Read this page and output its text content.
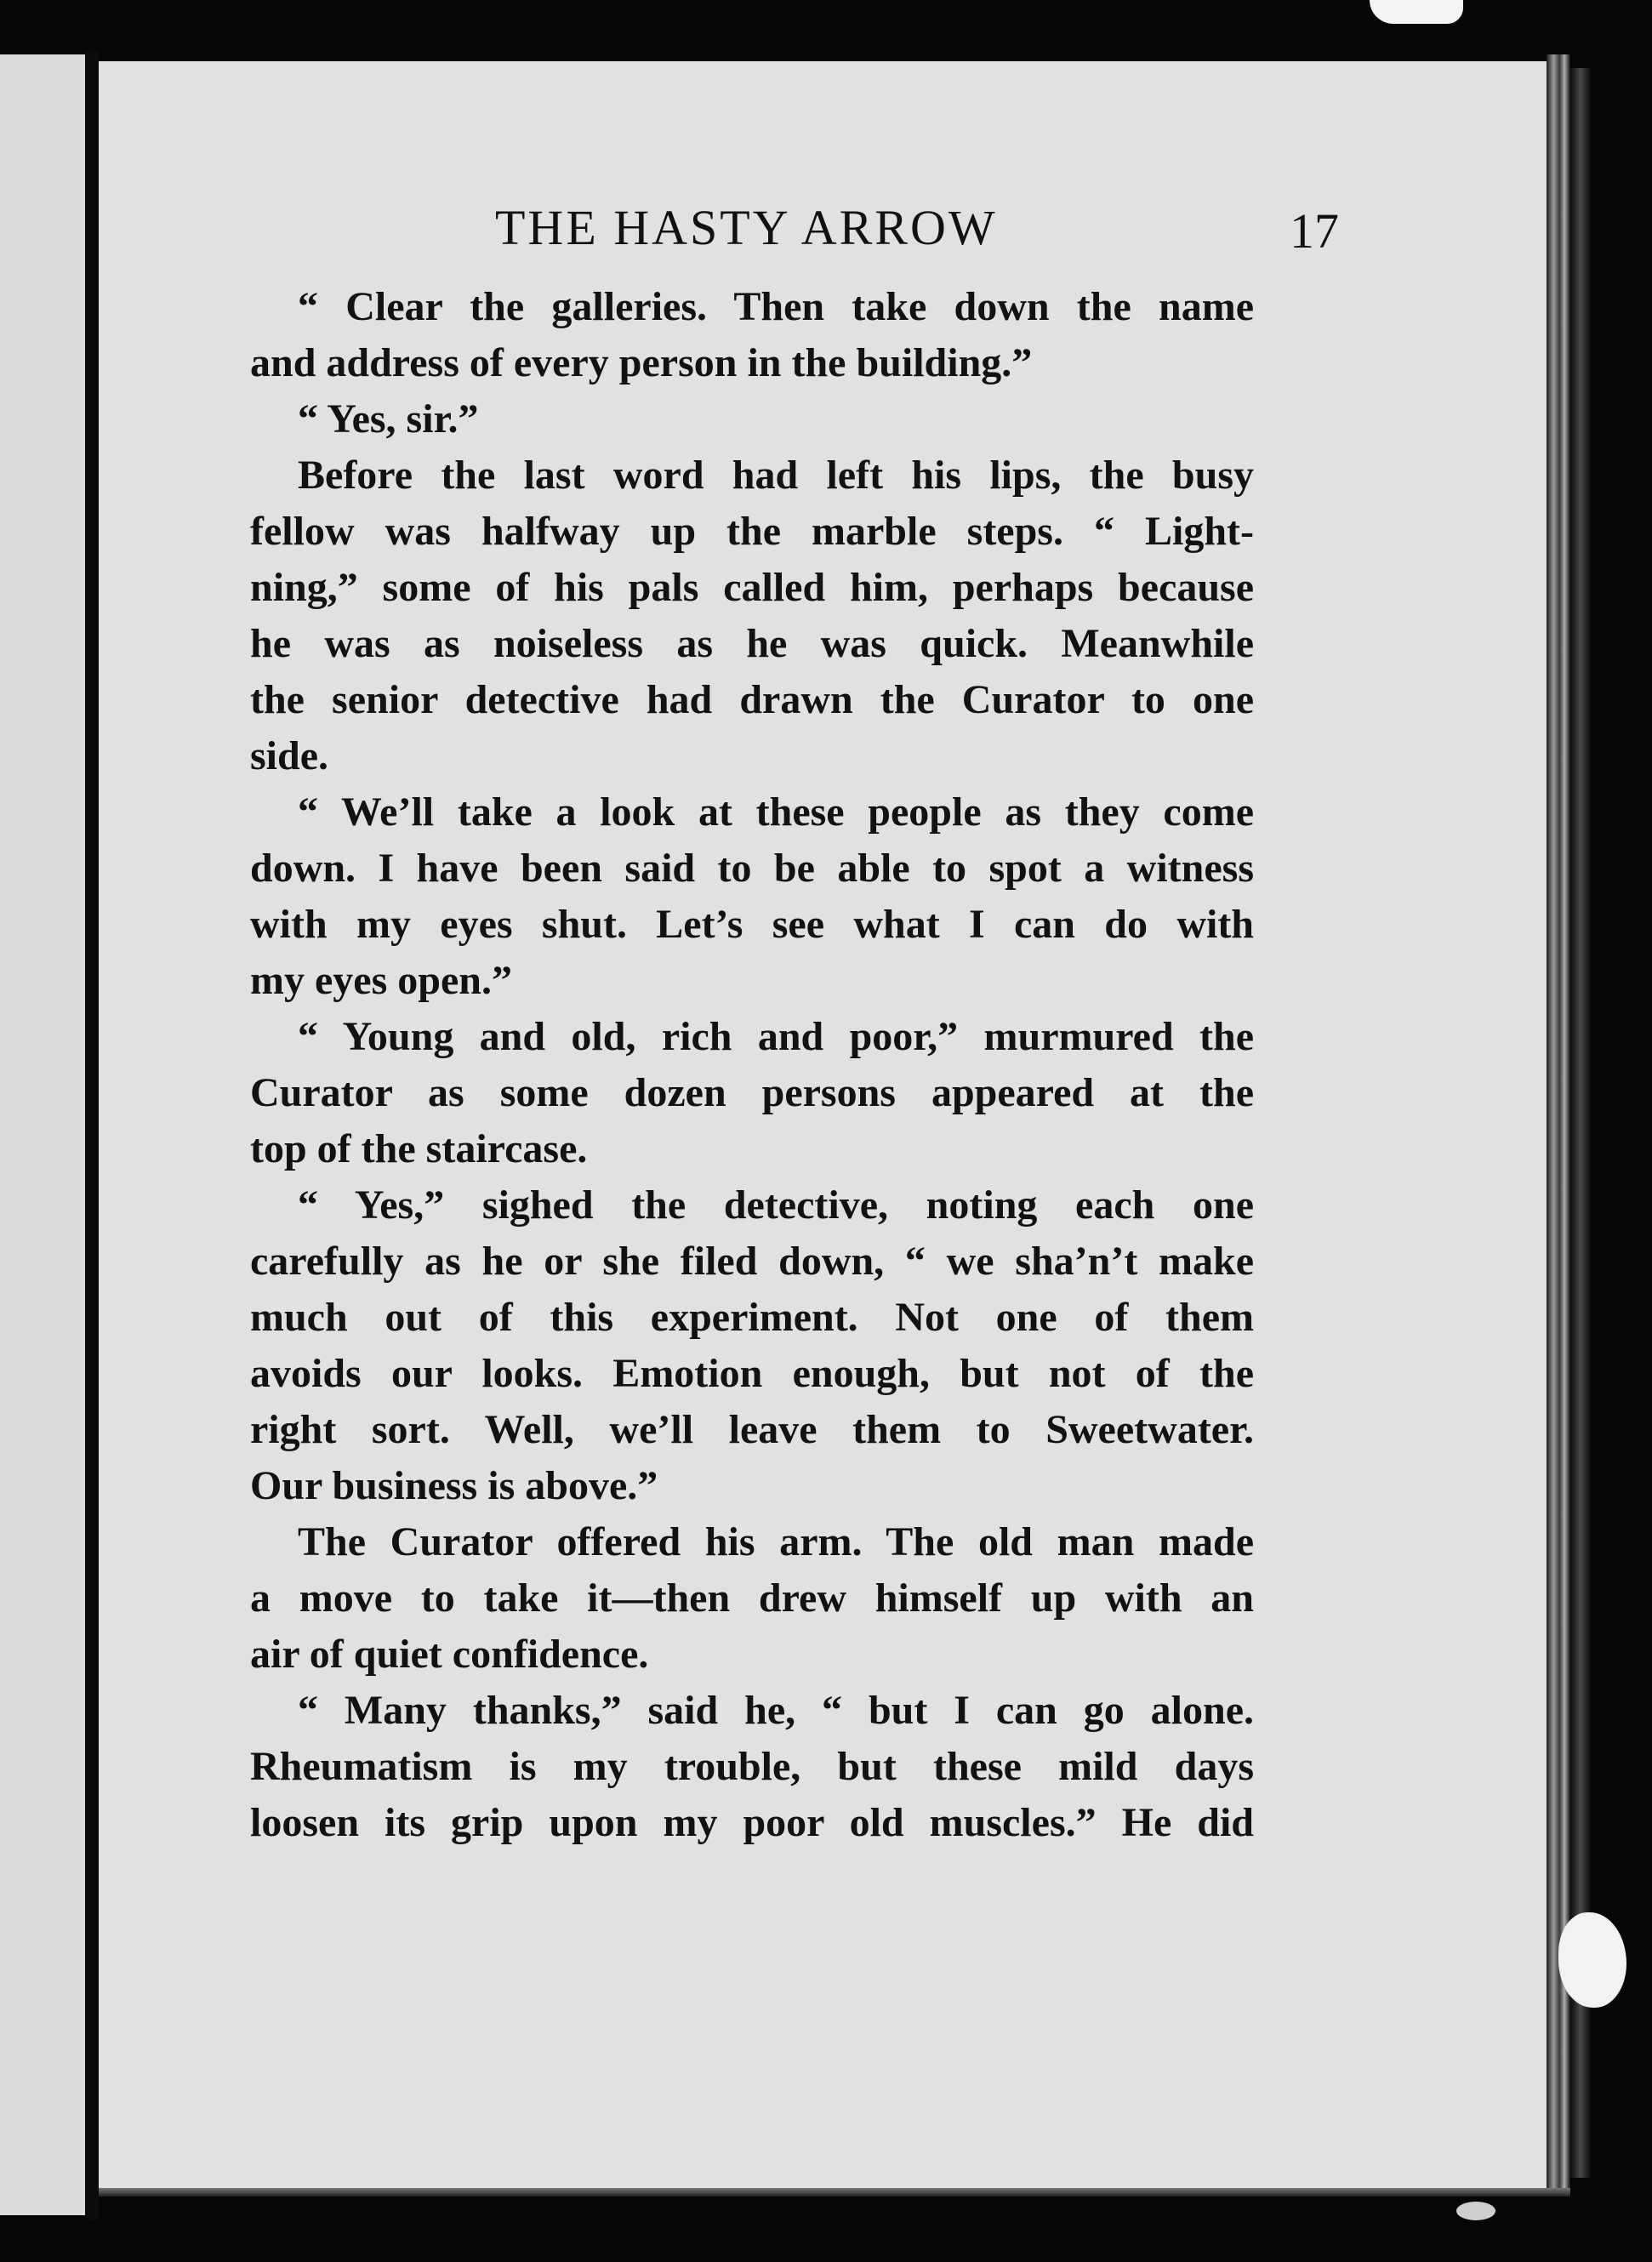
THE HASTY ARROW	17
“ Clear the galleries. Then take down the name
and address of every person in the building.”
“ Yes, sir.”
Before the last word had left his lips, the busy
fellow was halfway up the marble steps. “ Light-
ning,” some of his pals called him, perhaps because
he was as noiseless as he was quick. Meanwhile
the senior detective had drawn the Curator to one
side.
“ We’ll take a look at these people as they come
down. I have been said to be able to spot a witness
with my eyes shut. Let’s see what I can do with
my eyes open.”
“ Young and old, rich and poor,” murmured the
Curator as some dozen persons appeared at the
top of the staircase.
“ Yes,” sighed the detective, noting each one
carefully as he or she filed down, “ we sha’n’t make
much out of this experiment. Not one of them
avoids our looks. Emotion enough, but not of the
right sort. Well, we’ll leave them to Sweetwater.
Our business is above.”
The Curator offered his arm. The old man made
a move to take it—then drew himself up with an
air of quiet confidence.
“ Many thanks,” said he, “ but I can go alone.
Rheumatism is my trouble, but these mild days
loosen its grip upon my poor old muscles.” He did
